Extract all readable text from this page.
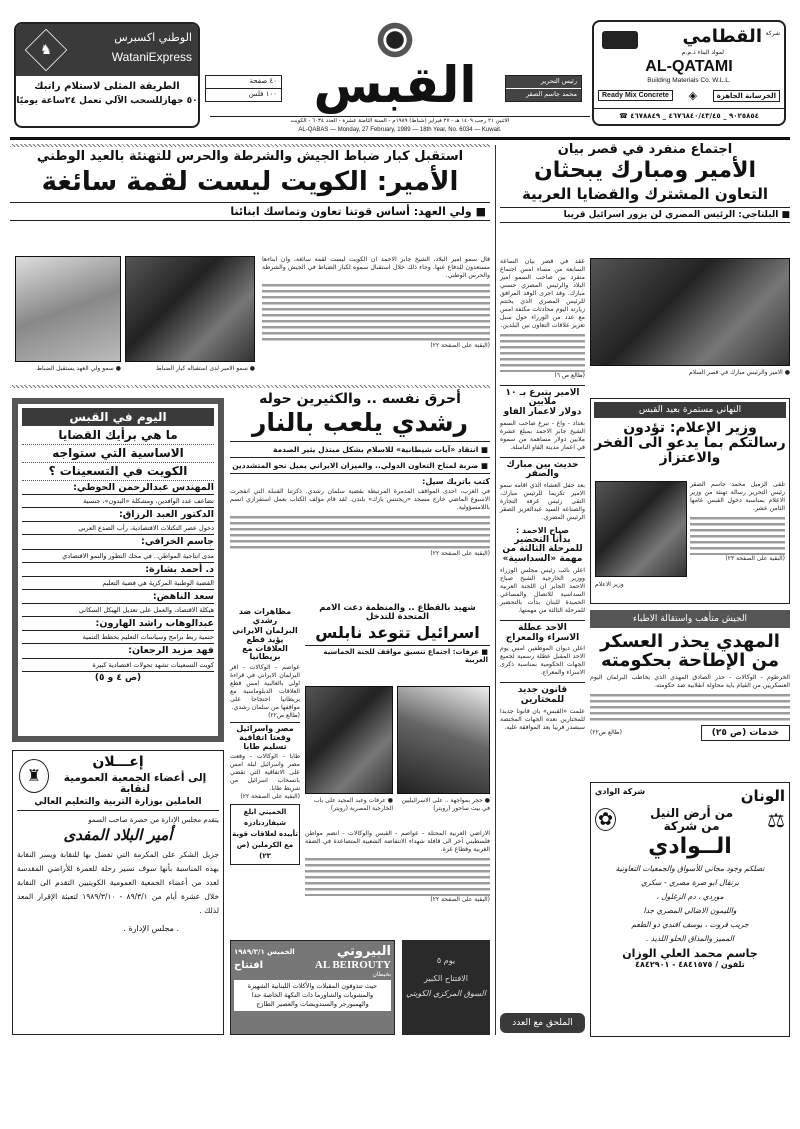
الوطني اكسبرس
WataniExpress
♞
الطريقة المثلى لاستلام راتبك
٥٠ جهازللسحب الآلي تعمل ٢٤ساعة يوميًا
٤٠ صفحة
١٠٠ فلس القبس	رئيس التحرير
محمد جاسم الصقر
الاثنين ٢١ رجب ١٤٠٩ هـ - ٢٧ فبراير (شباط) ١٩٨٩م - السنة الثامنة عشرة - العدد ٦٠٣٤ - الكويت
AL-QABAS — Monday, 27 February, 1989 — 18th Year, No. 6034 — Kuwait.
شركة
القطامي
لمواد البناء ذ.م.م
AL-QATAMI
Building Materials Co. W.L.L.
الخرسانة الجاهزة
◈
Ready Mix Concrete
٩٠٢٥٨٥٤ _ ٤٦٧٦٨٤٠/٤٣/٤٥ _ ٤٦٧٨٨٤٩ ☎
اجتماع منفرد في قصر بيان
الأمير ومبارك يبحثان
التعاون المشترك والقضايا العربية
■ البلتاجي: الرئيس المصري لن يزور اسرائيل قريبا
● الامير والرئيس مبارك في قصر السلام
عقد في قصر بيان الساعة السابعة من مساء امس اجتماع منفرد بين صاحب السمو امير البلاد والرئيس المصري حسني مبارك. وقد اجرى الوفد المرافق للرئيس المصري الذي يختتم زيارته اليوم محادثات مكثفة امس مع عدد من الوزراء حول سبل تعزيز علاقات التعاون بين البلدين.
(طالع ص ٦)
الامير يتبرع بـ ١٠ ملايين
دولار لاعمار الفاو
بغداد - واع - تبرع صاحب السمو الشيخ جابر الاحمد بمبلغ عشرة ملايين دولار مساهمة من سموه في اعمار مدينة الفاو الباسلة.
حديث بين مبارك والصقر
بعد حفل العشاء الذي اقامه سمو الامير تكريما للرئيس مبارك، التقى رئيس غرفة التجارة والصناعة السيد عبدالعزيز الصقر الرئيس المصري.
صباح الاحمد :
بدأنا التحضير للمرحلة الثالثة من مهمة «السداسية»
اعلن نائب رئيس مجلس الوزراء ووزير الخارجية الشيخ صباح الاحمد الجابر ان اللجنة العربية السداسية للاتصال والمساعي الحميدة للبنان بدأت بالتحضير للمرحلة الثالثة من مهمتها.
الاحد عطلة
الاسراء والمعراج
اعلن ديوان الموظفين امس يوم الاحد المقبل عطلة رسمية لجميع الجهات الحكومية بمناسبة ذكرى الاسراء والمعراج.
قانون جديد للمختارين
علمت «القبس» بان قانونا جديدا للمختارين تعده الجهات المختصة سيصدر قريبا بعد الموافقة عليه.
الملحق مع العدد
النهاني مستمرة بعيد القبس
وزير الإعلام: تؤدون رسالتكم بما يدعو الى الفخر والاعتزاز
وزير الاعلام
تلقى الزميل محمد جاسم الصقر رئيس التحرير رسالة تهنئة من وزير الاعلام بمناسبة دخول القبس عامها الثامن عشر.
(البقية على الصفحة ٢٣)
الجيش متأهب واستقالة الاطباء
المهدي يحذر العسكر من الإطاحة بحكومته
الخرطوم - الوكالات - حذر الصادق المهدي الذي يخاطب البرلمان اليوم العسكريين من القيام باية محاولة انقلابية ضد حكومته.
خدمات (ص ٢٥)
(طالع ص٢٢)
الونان
شركة الوادي
⚖
من أرض النيل
من شركة
✿
الــوادي
تصلكم وجود مجاني للأسواق والجمعيات التعاونية
برتقال ابو صرة مصري - سكري
موردي ، دم الزغلول ،
والليمون الاضالي المصري جدا
جريب فروت ، يوسف افندي ذو الطعم
المميز والمذاق الحلو اللذيذ .
جاسم محمد العلي الوزان
تلفون / ٤٨٤١٥٧٥ - ٤٨٤٢٩٠١
استقبل كبار ضباط الجيش والشرطة والحرس للتهنئة بالعيد الوطني
الأمير: الكويت ليست لقمة سائغة
■ ولي العهد: أساس قوتنا تعاون وتماسك ابنائنا
● سمو الامير لدى استقباله كبار الضباط
● سمو ولي العهد يستقبل الضباط
قال سمو امير البلاد، الشيخ جابر الاحمد ان الكويت ليست لقمة سائغة، وان ابناءها مستعدون للدفاع عنها. وجاء ذلك خلال استقبال سموه لكبار الضباط في الجيش والشرطة والحرس الوطني.
(البقية على الصفحة ٢٢)
اليوم في القبس
ما هي برأيك القضايا
الاساسية التي ستواجه
الكويت في التسعينات ؟
المهندس عبدالرحمن الحوطي:
تضاعف عدد الوافدين، ومشكلة «البدون»، جنسية
الدكتور العبد الرزاق:
دخول عصر التكتلات الاقتصادية، رأب الصدع العربي
جاسم الخرافي:
مدى انتاجية المواطن.. في محك التطور والنمو الاقتصادي
د. أحمد بشارة:
القضية الوطنية المركزية هي قضية التعليم
سعد الناهض:
هيكلة الاقتصاد، والعمل على تعديل الهيكل السكاني
عبدالوهاب راشد الهارون:
حتمية ربط برامج وسياسات التعليم بخطط التنمية
فهد مزيد الرجعان:
كويت التسعينات تشهد تحولات اقتصادية كبيرة
(ص ٤ و ٥)
♜
إعـــلان
إلى أعضاء الجمعية العمومية لنقابة
العاملين بوزارة التربية والتعليم العالي
يتقدم مجلس الإدارة من حضرة صاحب السمو
أمير البلاد المفدى
جزيل الشكر على المكرمة التي تفضل بها للنقابة ويسر النقابة بهذه المناسبة بأنها سوف تسير رحلة للعمرة للأراضي المقدسة لعدد من أعضاء الجمعية العمومية الكويتيين التقدم الى النقابة خلال عشرة أيام من ٨٩/٣/١ - ١٩٨٩/٣/١٠ لتعبئة الإقرار المعد لذلك .
. مجلس الإدارة .
أحرق نفسه .. والكثيرين حوله
رشدي يلعب بالنار
■ انتقاد «آيات شيطانية» للاسلام بشكل مبتذل يثير الصدمة
■ ضربة لمناخ التعاون الدولي.. والميزان الايراني يميل نحو المتشددين
كتب باتريك سيل:
في الغرب، احدى المواقف المدمرة المرتبطة بقضية سلمان رشدي. ذكرتنا القنبلة التي انفجرت الاسبوع الماضي خارج مسجد «ريجنتس بارك» بلندن. لقد قام مؤلف الكتاب بعمل استفزازي اتسم باللامسؤولية.
(البقية على الصفحة ٢٢)
مظاهرات ضد رشدي
البرلمان الايراني يؤيد قطع العلاقات مع بريطانيا
عواصم - الوكالات - اقر البرلمان الايراني في قراءة اولى بالغالبية امس قطع العلاقات الدبلوماسية مع بريطانيا احتجاجا على مواقفها من سلمان رشدي.
(طالع ص٢٢)
مصر واسرائيل وقعتا اتفاقية تسليم طابا
طابا - الوكالات - وقعت مصر واسرائيل ليلة امس على الاتفاقية التي تقضي بانسحاب اسرائيل من شريط طابا.
(البقية على الصفحة ٢٢)
الخميني ابلغ
شيفاردنادزه
تأييده لعلاقات قوية
مع الكرملين (ص ٢٣)
شهيد بالقطاع .. والمنظمة دعت الامم المتحدة للتدخل
اسرائيل تتوعد نابلس
■ عرفات: اجتماع تنسيق مواقف للجنة الخماسية العربية
● عرفات وعبد المجيد على باب الخارجية المصرية (رويتر)
● حجر بمواجهة .. على الاسرائيليين في بيت ساحور (رويتر)
الاراضي العربية المحتلة - عواصم - القبس والوكالات - انضم مواطن فلسطيني آخر الى قافلة شهداء الانتفاضة الشعبية المتصاعدة في الضفة الغربية وقطاع غزة.
(البقية على الصفحة ٢٢)
البيروتي
الخميس ١٩٨٩/٣/١
AL BEIROUTY
افتتاح
بخيطان
حيث تتذوقون المقبلات والأكلات اللبنانية الشهيرة والمشويات والشاورما ذات النكهة الخاصة جدا والهمبورجر والسندويشات والعصير الطازج
يوم ٥
الافتتاح الكبير
السوق المركزي الكويتي
